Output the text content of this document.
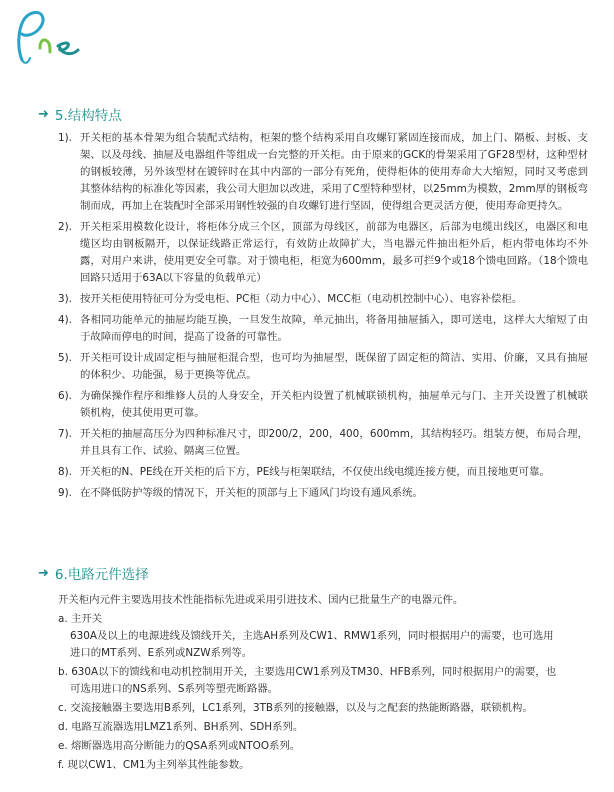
➜ 5.结构特点
1). 开关柜的基本骨架为组合装配式结构，柜架的整个结构采用自攻螺钉紧固连接而成，加上门、隔板、封板、支架、以及母线、抽屉及电器组件等组成一台完整的开关柜。由于原来的GCK的骨架采用了GF28型材，这种型材的钢板较薄，另外该型材在镀锌时在其中内部的一部分有死角，使得柜体的使用寿命大大缩短，同时又考虑到其整体结构的标准化等因素，我公司大胆加以改进，采用了C型特种型材，以25mm为模数，2mm厚的钢板弯制而成，再加上在装配时全部采用钢性较强的自攻螺钉进行坚固，使得组合更灵活方便，使用寿命更持久。
2). 开关柜采用模数化设计，将柜体分成三个区，顶部为母线区，前部为电器区，后部为电缆出线区，电器区和电缆区均由钢板隔开，以保证线路正常运行，有效防止故障扩大，当电器元件抽出柜外后，柜内带电体均不外露，对用户来讲，使用更安全可靠。对于馈电柜，柜宽为600mm，最多可拦9个或18个馈电回路。（18个馈电回路只适用于63A以下容量的负载单元）
3). 按开关柜使用特征可分为受电柜、PC柜（动力中心）、MCC柜（电动机控制中心）、电容补偿柜。
4). 各相同功能单元的抽屉均能互换，一旦发生故障，单元抽出，将备用抽屉插入，即可送电，这样大大缩短了由于故障而停电的时间，提高了设备的可靠性。
5). 开关柜可设计成固定柜与抽屉柜混合型，也可均为抽屉型，既保留了固定柜的简洁、实用、价廉，又具有抽屉的体积少、功能强，易于更换等优点。
6). 为确保操作程序和维修人员的人身安全，开关柜内设置了机械联锁机构，抽屉单元与门、主开关设置了机械联锁机构，使其使用更可靠。
7). 开关柜的抽屉高压分为四种标准尺寸，即200/2，200，400，600mm，其结构轻巧。组装方便，布局合理，并且具有工作、试验、隔离三位置。
8). 开关柜的N、PE线在开关柜的后下方，PE线与柜架联结，不仅使出线电缆连接方便，而且接地更可靠。
9). 在不降低防护等级的情况下，开关柜的顶部与上下通风门均设有通风系统。
➜ 6.电路元件选择
开关柜内元件主要选用技术性能指标先进或采用引进技术、国内已批量生产的电器元件。
a. 主开关
630A及以上的电源进线及馈线开关，主选AH系列及CW1、RMW1系列，同时根据用户的需要，也可选用
进口的MT系列、E系列或NZW系列等。
b. 630A以下的馈线和电动机控制用开关，主要选用CW1系列及TM30、HFB系列，同时根据用户的需要，也
可选用进口的NS系列、S系列等塑壳断路器。
c. 交流接触器主要选用B系列，LC1系列，3TB系列的接触器，以及与之配套的热能断路器，联锁机构。
d. 电路互流器选用LMZ1系列、BH系列、SDH系列。
e. 熔断器选用高分断能力的QSA系列或NTOO系列。
f. 现以CW1、CM1为主列举其性能参数。
